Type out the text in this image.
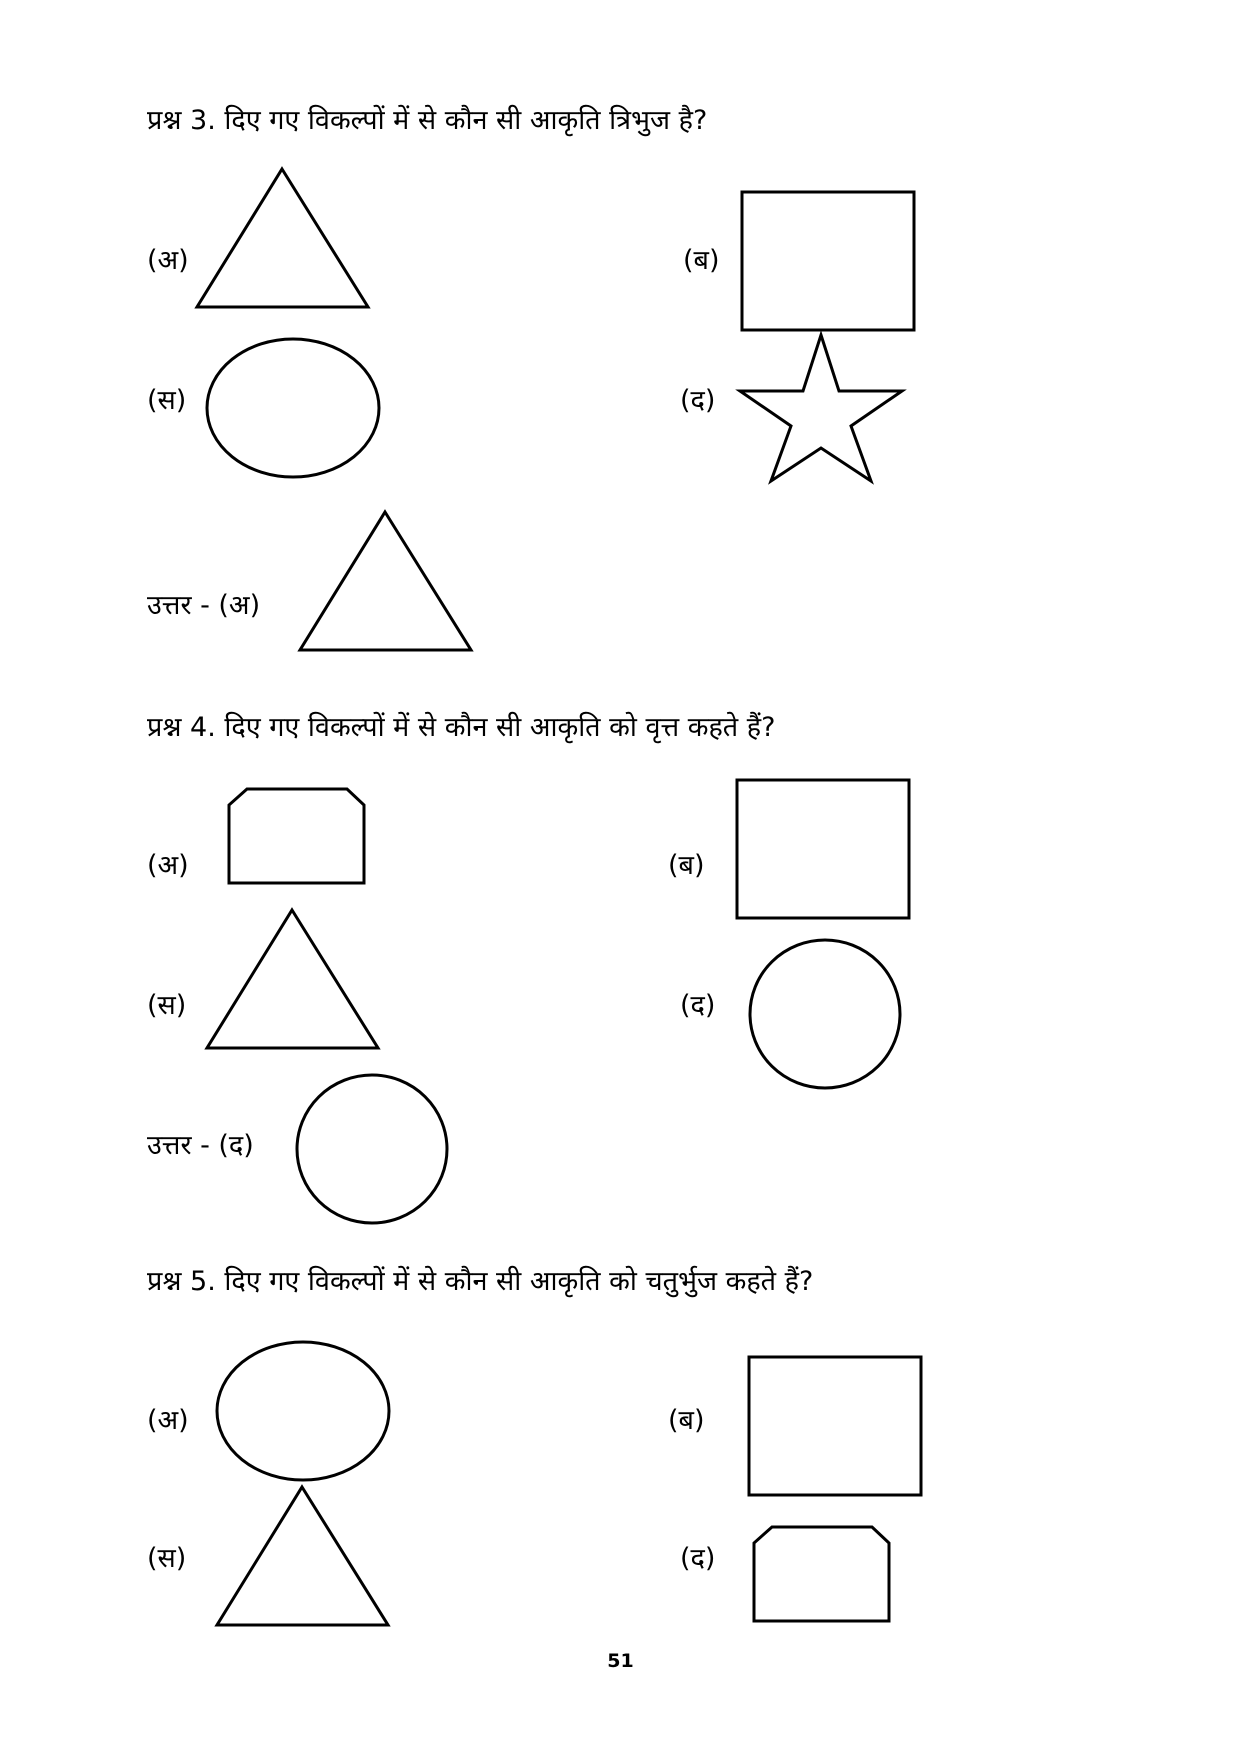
प्रश्न 3. दिए गए विकल्पों में से कौन सी आकृति त्रिभुज है?
(अ)	(ब)
(स)	(द)
उत्तर - (अ)
प्रश्न 4. दिए गए विकल्पों में से कौन सी आकृति को वृत्त कहते हैं?
(अ)	(ब)
(स)	(द)
उत्तर - (द)
प्रश्न 5. दिए गए विकल्पों में से कौन सी आकृति को चतुर्भुज कहते हैं?
(अ)	(ब)
(स)	(द)
51
